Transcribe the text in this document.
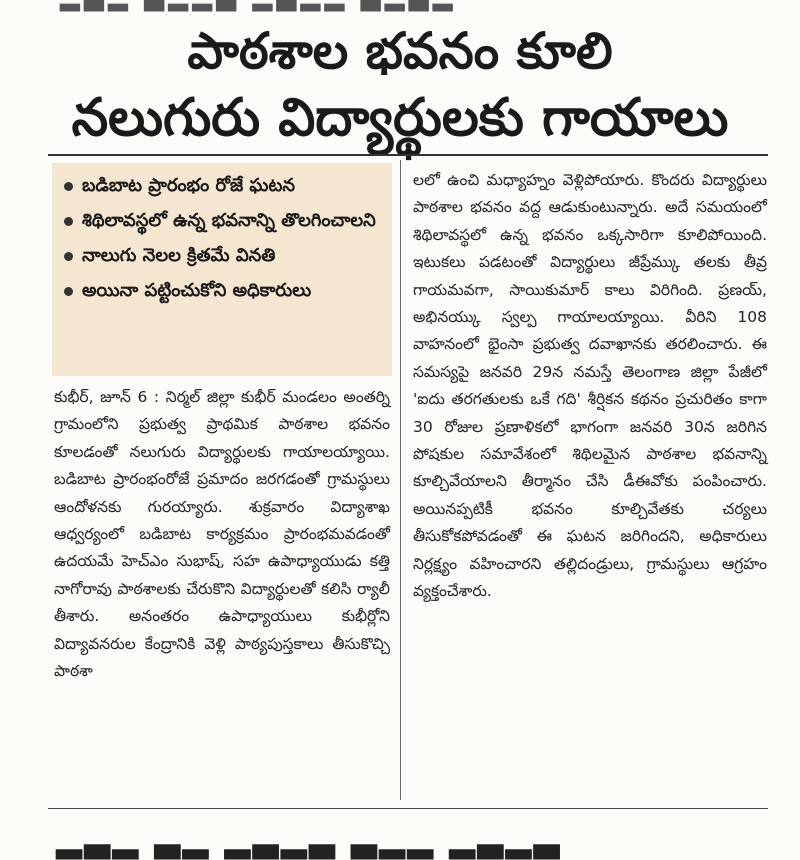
పాఠశాల భవనం కూలి
నలుగురు విద్యార్థులకు గాయాలు
బడిబాట ప్రారంభం రోజే ఘటన
శిథిలావస్థలో ఉన్న భవనాన్ని తొలగించాలని
నాలుగు నెలల క్రితమే వినతి
అయినా పట్టించుకోని అధికారులు

కుభీర్, జూన్ 6 : నిర్మల్ జిల్లా కుభీర్ మండలం అంతర్ని గ్రామంలోని ప్రభుత్వ ప్రాథమిక పాఠశాల భవనం కూలడంతో నలుగురు విద్యార్థులకు గాయాలయ్యాయి. బడిబాట ప్రారంభంరోజే ప్రమాదం జరగడంతో గ్రామస్థులు ఆందోళనకు గురయ్యారు. శుక్రవారం విద్యాశాఖ ఆధ్వర్యంలో బడిబాట కార్యక్రమం ప్రారంభమవడంతో ఉదయమే హెచ్ఎం సుభాష్, సహ ఉపాధ్యాయుడు కత్తి నాగోరావు పాఠశాలకు చేరుకొని విద్యార్థులతో కలిసి ర్యాలీ తీశారు. అనంతరం ఉపాధ్యాయులు కుభీర్లోని విద్యావనరుల కేంద్రానికి వెళ్లి పాఠ్యపుస్తకాలు తీసుకొచ్చి పాఠశా

లలో ఉంచి మధ్యాహ్నం వెళ్లిపోయారు. కొందరు విద్యార్థులు పాఠశాల భవనం వద్ద ఆడుకుంటున్నారు. అదే సమయంలో శిథిలావస్థలో ఉన్న భవనం ఒక్కసారిగా కూలిపోయింది. ఇటుకలు పడటంతో విద్యార్థులు జీప్రేమ్కు తలకు తీవ్ర గాయమవగా, సాయికుమార్ కాలు విరిగింది. ప్రణయ్, అభినయ్కు స్వల్ప గాయాలయ్యాయి. వీరిని 108 వాహనంలో భైంసా ప్రభుత్వ దవాఖానకు తరలించారు. ఈ సమస్యపై జనవరి 29న నమస్తే తెలంగాణ జిల్లా పేజీలో 'ఐదు తరగతులకు ఒకే గది' శీర్షికన కథనం ప్రచురితం కాగా 30 రోజుల ప్రణాళికలో భాగంగా జనవరి 30న జరిగిన పోషకుల సమావేశంలో శిథిలమైన పాఠశాల భవనాన్ని కూల్చివేయాలని తీర్మానం చేసి డీఈవోకు పంపించారు. అయినప్పటికీ భవనం కూల్చివేతకు చర్యలు తీసుకోకపోవడంతో ఈ ఘటన జరిగిందని, అధికారులు నిర్లక్ష్యం వహించారని తల్లిదండ్రులు, గ్రామస్థులు ఆగ్రహం వ్యక్తంచేశారు.

▂▃▂ ▃▂ ▂▃▂▃ ▃▂▂ ▂▃▂▃
